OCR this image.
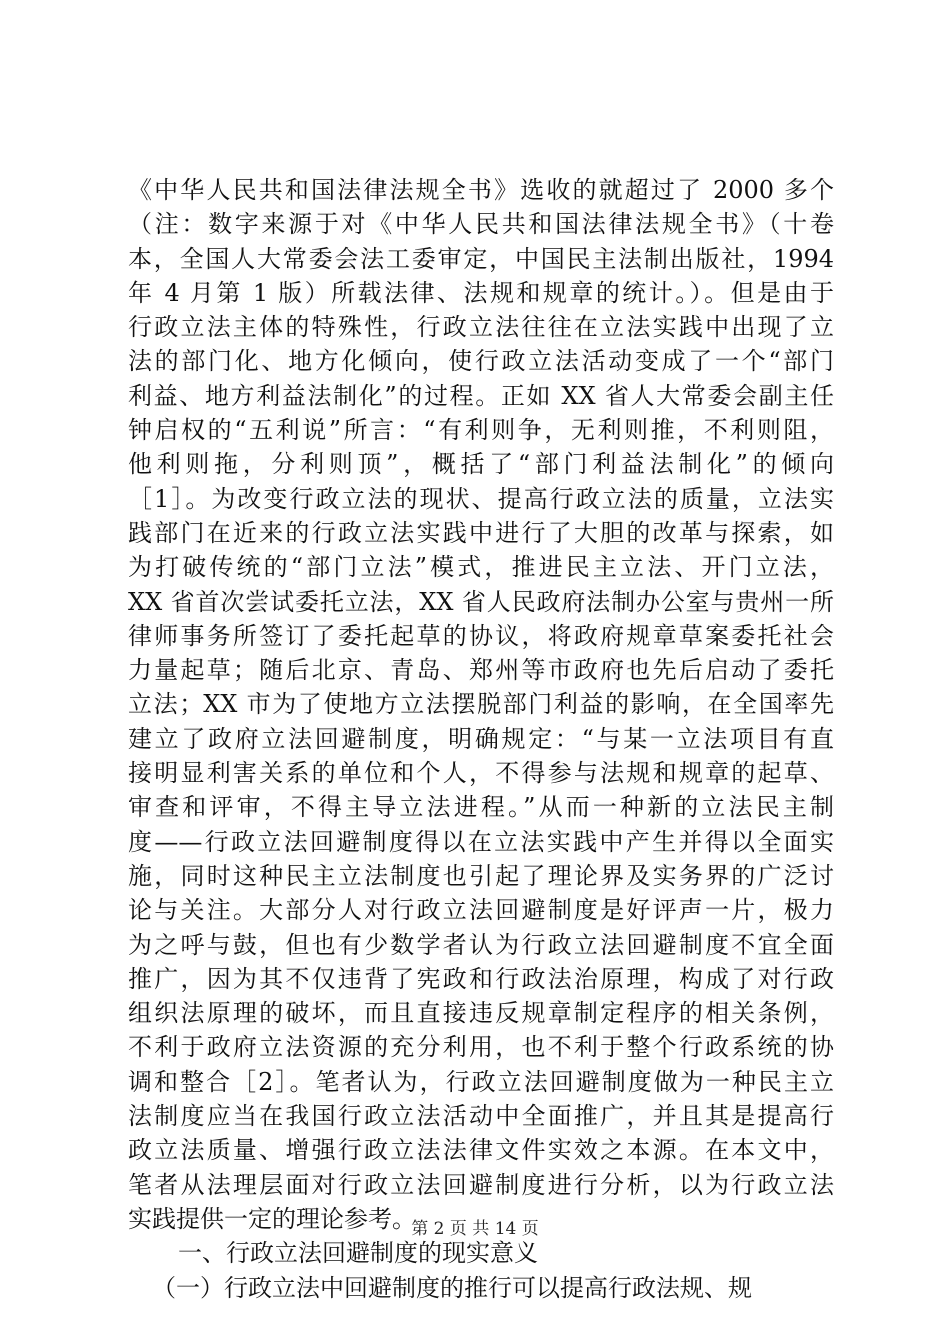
《中华人民共和国法律法规全书》选收的就超过了 2000 多个
（注：数字来源于对《中华人民共和国法律法规全书》（十卷
本，全国人大常委会法工委审定，中国民主法制出版社，1994
年 4 月第 1 版）所载法律、法规和规章的统计。）。但是由于
行政立法主体的特殊性，行政立法往往在立法实践中出现了立
法的部门化、地方化倾向，使行政立法活动变成了一个“部门
利益、地方利益法制化”的过程。正如 XX 省人大常委会副主任
钟启权的“五利说”所言：“有利则争，无利则推，不利则阻，
他利则拖，分利则顶”，概括了“部门利益法制化”的倾向
［1］。为改变行政立法的现状、提高行政立法的质量，立法实
践部门在近来的行政立法实践中进行了大胆的改革与探索，如
为打破传统的“部门立法”模式，推进民主立法、开门立法，
XX 省首次尝试委托立法，XX 省人民政府法制办公室与贵州一所
律师事务所签订了委托起草的协议，将政府规章草案委托社会
力量起草；随后北京、青岛、郑州等市政府也先后启动了委托
立法；XX 市为了使地方立法摆脱部门利益的影响，在全国率先
建立了政府立法回避制度，明确规定：“与某一立法项目有直
接明显利害关系的单位和个人，不得参与法规和规章的起草、
审查和评审，不得主导立法进程。”从而一种新的立法民主制
度——行政立法回避制度得以在立法实践中产生并得以全面实
施，同时这种民主立法制度也引起了理论界及实务界的广泛讨
论与关注。大部分人对行政立法回避制度是好评声一片，极力
为之呼与鼓，但也有少数学者认为行政立法回避制度不宜全面
推广，因为其不仅违背了宪政和行政法治原理，构成了对行政
组织法原理的破坏，而且直接违反规章制定程序的相关条例，
不利于政府立法资源的充分利用，也不利于整个行政系统的协
调和整合［2］。笔者认为，行政立法回避制度做为一种民主立
法制度应当在我国行政立法活动中全面推广，并且其是提高行
政立法质量、增强行政立法法律文件实效之本源。在本文中，
笔者从法理层面对行政立法回避制度进行分析，以为行政立法
实践提供一定的理论参考。
一、行政立法回避制度的现实意义
（一）行政立法中回避制度的推行可以提高行政法规、规
第 2 页 共 14 页
